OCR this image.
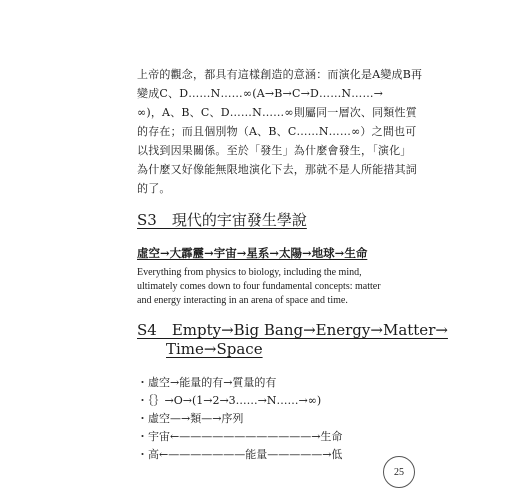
上帝的觀念，都具有這樣創造的意涵：而演化是A變成B再
變成C、D……N……∞(A→B→C→D……N……→
∞)，A、B、C、D……N……∞則屬同一層次、同類性質
的存在；而且個別物（A、B、C……N……∞）之間也可
以找到因果關係。至於「發生」為什麼會發生，「演化」
為什麼又好像能無限地演化下去，那就不是人所能措其詞
的了。
S3　現代的宇宙發生學說
虛空→大霹靂→宇宙→星系→太陽→地球→生命
Everything from physics to biology, including the mind,
ultimately comes down to four fundamental concepts: matter
and energy interacting in an arena of space and time.
S4　Empty→Big Bang→Energy→Matter→
Time→Space
・虛空→能量的有→質量的有
・｛｝→O→(1→2→3……→N……→∞)
・虛空—→類—→序列
・宇宙←————————————→生命
・高←———————能量—————→低
25
